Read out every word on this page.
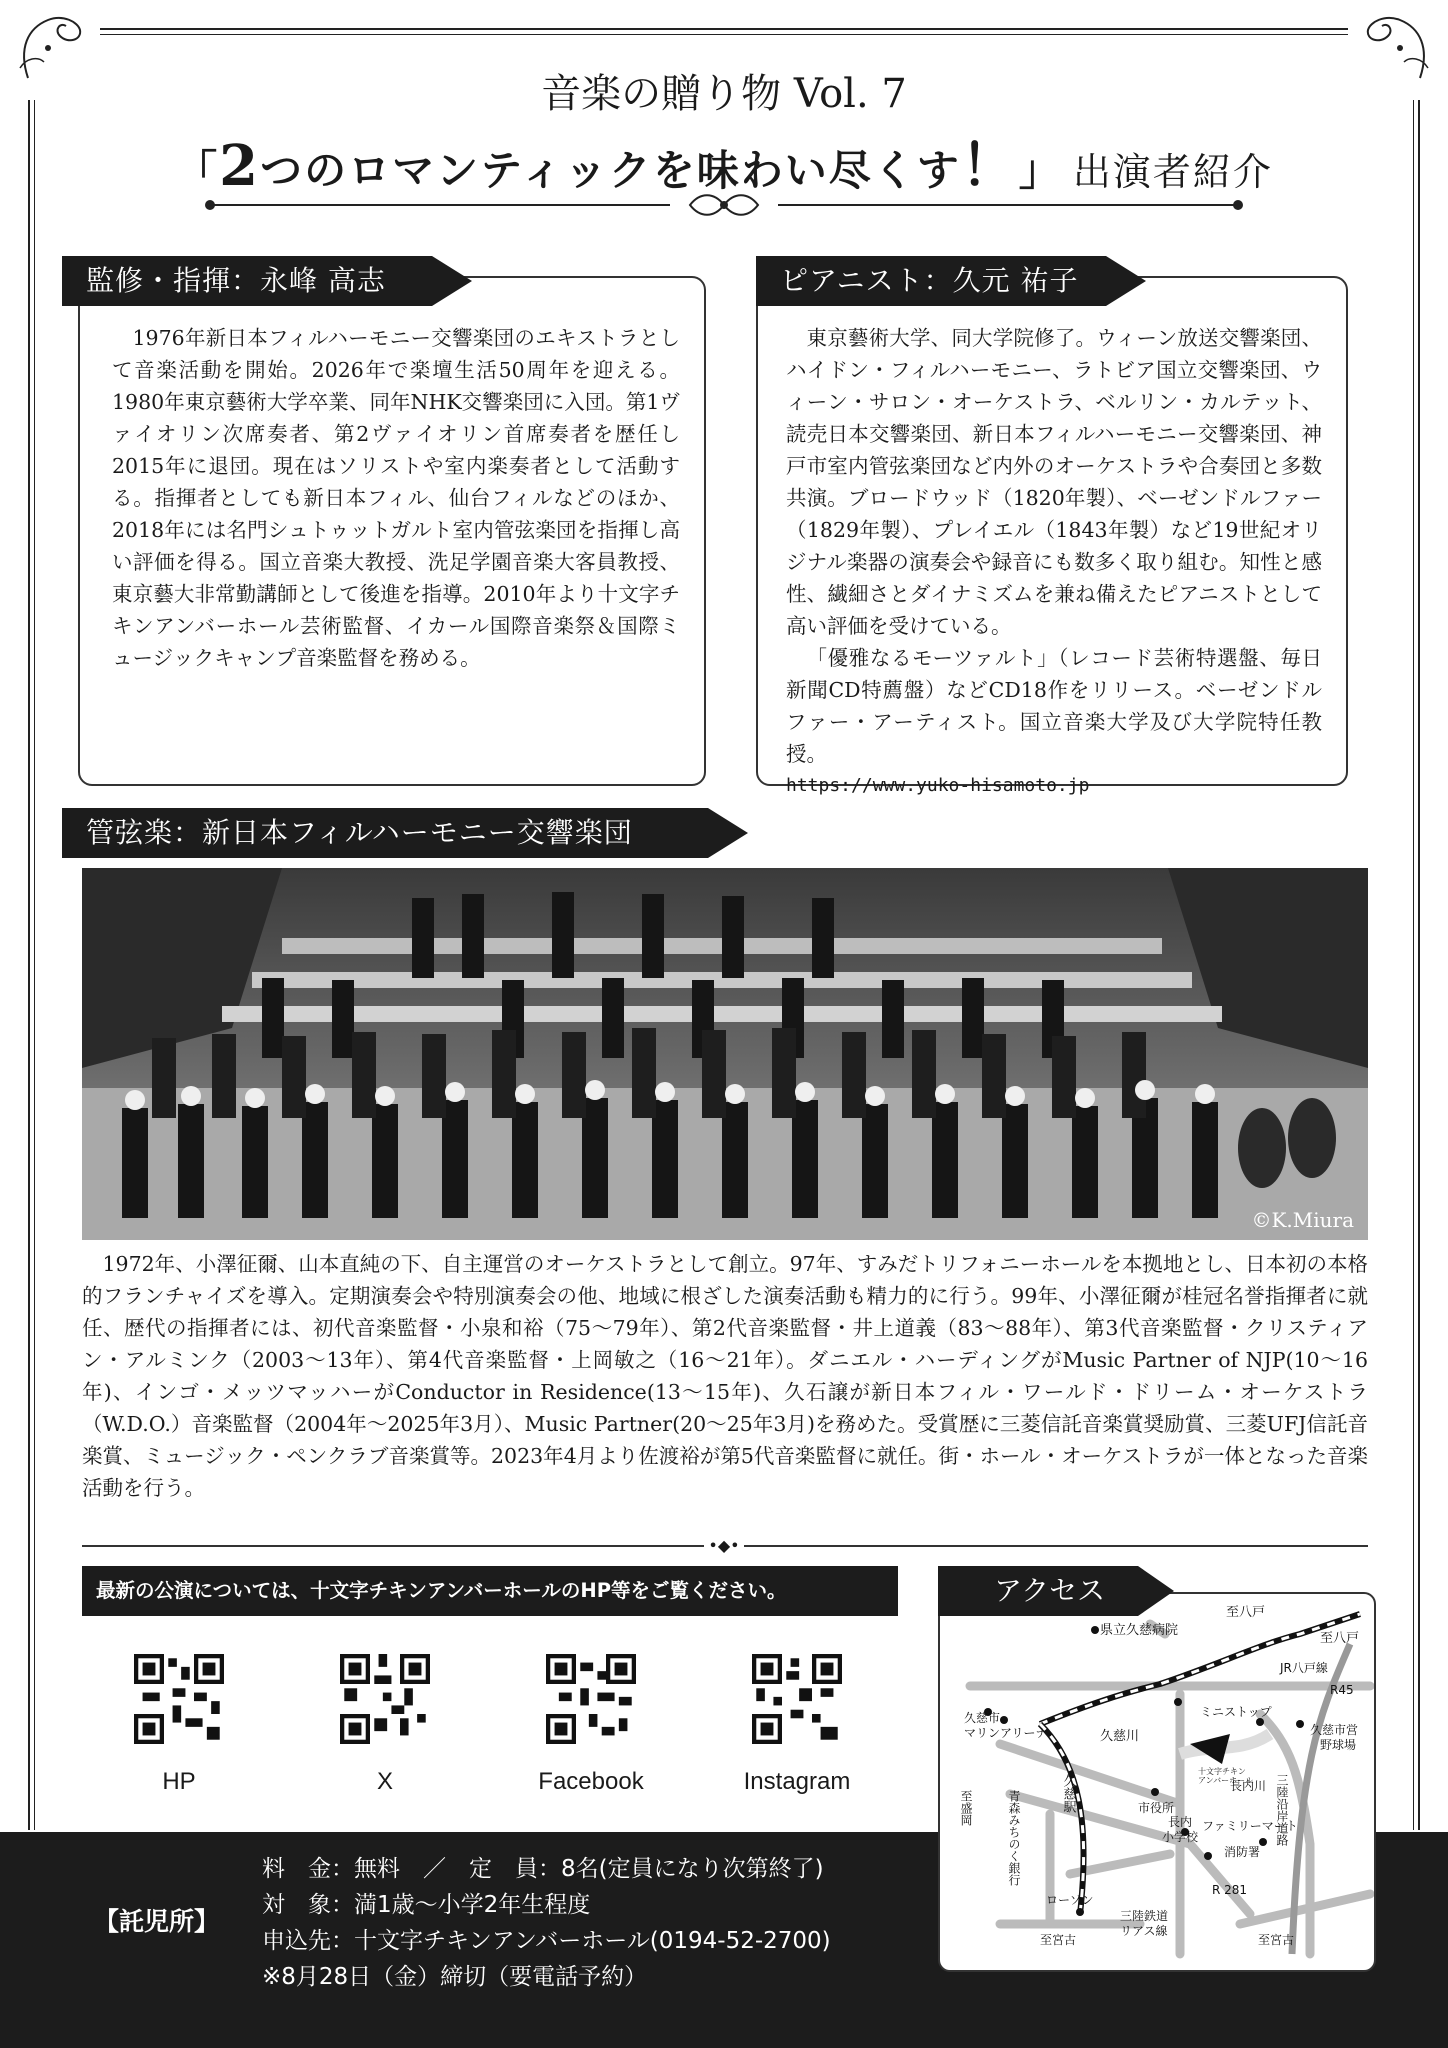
音楽の贈り物 Vol. 7
「2つのロマンティックを味わい尽くす！」 出演者紹介
監修・指揮：永峰 高志

1976年新日本フィルハーモニー交響楽団のエキストラとして音楽活動を開始。2026年で楽壇生活50周年を迎える。1980年東京藝術大学卒業、同年NHK交響楽団に入団。第1ヴァイオリン次席奏者、第2ヴァイオリン首席奏者を歴任し2015年に退団。現在はソリストや室内楽奏者として活動する。指揮者としても新日本フィル、仙台フィルなどのほか、2018年には名門シュトゥットガルト室内管弦楽団を指揮し高い評価を得る。国立音楽大教授、洗足学園音楽大客員教授、東京藝大非常勤講師として後進を指導。2010年より十文字チキンアンバーホール芸術監督、イカール国際音楽祭＆国際ミュージックキャンプ音楽監督を務める。

ピアニスト：久元 祐子

東京藝術大学、同大学院修了。ウィーン放送交響楽団、ハイドン・フィルハーモニー、ラトビア国立交響楽団、ウィーン・サロン・オーケストラ、ベルリン・カルテット、読売日本交響楽団、新日本フィルハーモニー交響楽団、神戸市室内管弦楽団など内外のオーケストラや合奏団と多数共演。ブロードウッド（1820年製）、ベーゼンドルファー（1829年製）、プレイエル（1843年製）など19世紀オリジナル楽器の演奏会や録音にも数多く取り組む。知性と感性、繊細さとダイナミズムを兼ね備えたピアニストとして高い評価を受けている。

「優雅なるモーツァルト」（レコード芸術特選盤、毎日新聞CD特薦盤）などCD18作をリリース。ベーゼンドルファー・アーティスト。国立音楽大学及び大学院特任教授。

https://www.yuko-hisamoto.jp
管弦楽：新日本フィルハーモニー交響楽団
©K.Miura

1972年、小澤征爾、山本直純の下、自主運営のオーケストラとして創立。97年、すみだトリフォニーホールを本拠地とし、日本初の本格的フランチャイズを導入。定期演奏会や特別演奏会の他、地域に根ざした演奏活動も精力的に行う。99年、小澤征爾が桂冠名誉指揮者に就任、歴代の指揮者には、初代音楽監督・小泉和裕（75～79年）、第2代音楽監督・井上道義（83～88年）、第3代音楽監督・クリスティアン・アルミンク（2003～13年）、第4代音楽監督・上岡敏之（16～21年）。ダニエル・ハーディングがMusic Partner of NJP(10～16年)、インゴ・メッツマッハーがConductor in Residence(13～15年)、久石譲が新日本フィル・ワールド・ドリーム・オーケストラ（W.D.O.）音楽監督（2004年～2025年3月）、Music Partner(20～25年3月)を務めた。受賞歴に三菱信託音楽賞奨励賞、三菱UFJ信託音楽賞、ミュージック・ペンクラブ音楽賞等。2023年4月より佐渡裕が第5代音楽監督に就任。街・ホール・オーケストラが一体となった音楽活動を行う。

•◆•
最新の公演については、十文字チキンアンバーホールのHP等をご覧ください。
HP	X	Facebook	Instagram
【託児所】
料　金：無料　／　定　員：8名(定員になり次第終了)
対　象：満1歳～小学2年生程度
申込先：十文字チキンアンバーホール(0194-52-2700)
※8月28日（金）締切（要電話予約）
至八戸
至八戸
県立久慈病院
JR八戸線
R45
久慈市マリンアリーナ
ミニストップ
久慈川	久慈市営野球場
至盛岡	青森みちのく銀行	久慈駅	市役所
長内川 三陸沿岸道路
ファミリーマート
長内小学校
消防署
ローソン
R 281
至宮古	至宮古
三陸鉄道リアス線
十文字チキンアンバーホール
アクセス
